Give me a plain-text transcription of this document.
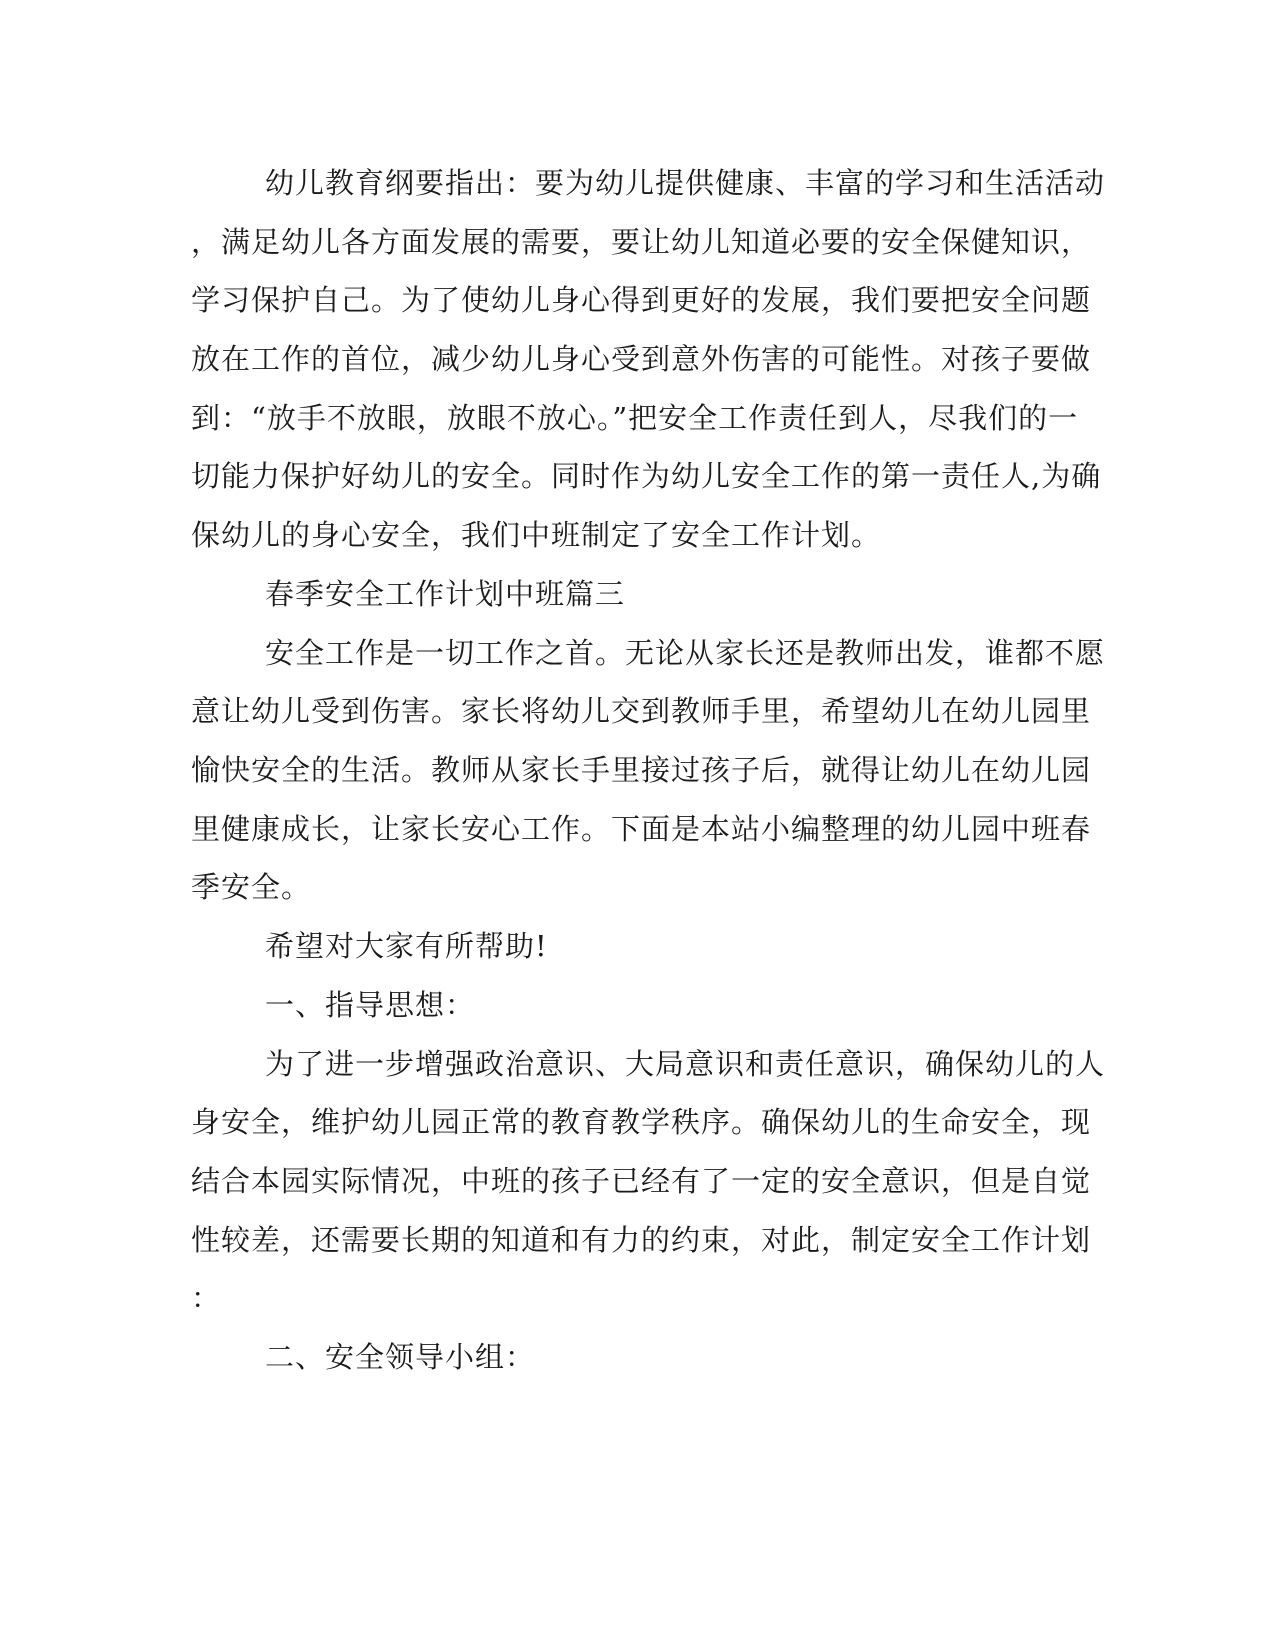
幼儿教育纲要指出：要为幼儿提供健康、丰富的学习和生活活动
，满足幼儿各方面发展的需要，要让幼儿知道必要的安全保健知识，
学习保护自己。为了使幼儿身心得到更好的发展，我们要把安全问题
放在工作的首位，减少幼儿身心受到意外伤害的可能性。对孩子要做
到：“放手不放眼，放眼不放心。”把安全工作责任到人，尽我们的一
切能力保护好幼儿的安全。同时作为幼儿安全工作的第一责任人,为确
保幼儿的身心安全，我们中班制定了安全工作计划。
春季安全工作计划中班篇三
安全工作是一切工作之首。无论从家长还是教师出发，谁都不愿
意让幼儿受到伤害。家长将幼儿交到教师手里，希望幼儿在幼儿园里
愉快安全的生活。教师从家长手里接过孩子后，就得让幼儿在幼儿园
里健康成长，让家长安心工作。下面是本站小编整理的幼儿园中班春
季安全。
希望对大家有所帮助!
一、指导思想：
为了进一步增强政治意识、大局意识和责任意识，确保幼儿的人
身安全，维护幼儿园正常的教育教学秩序。确保幼儿的生命安全，现
结合本园实际情况，中班的孩子已经有了一定的安全意识，但是自觉
性较差，还需要长期的知道和有力的约束，对此，制定安全工作计划
：
二、安全领导小组：
